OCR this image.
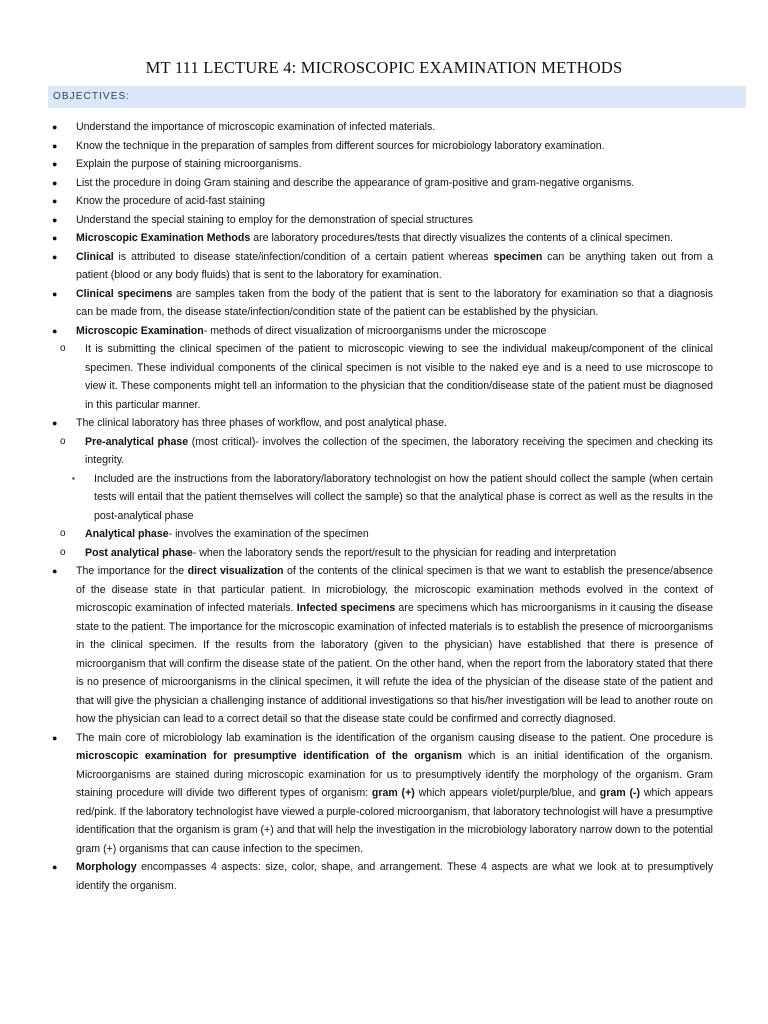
MT 111 LECTURE 4: MICROSCOPIC EXAMINATION METHODS
OBJECTIVES:
● Understand the importance of microscopic examination of infected materials.
● Know the technique in the preparation of samples from different sources for microbiology laboratory examination.
● Explain the purpose of staining microorganisms.
● List the procedure in doing Gram staining and describe the appearance of gram-positive and gram-negative organisms.
● Know the procedure of acid-fast staining
● Understand the special staining to employ for the demonstration of special structures
● Microscopic Examination Methods are laboratory procedures/tests that directly visualizes the contents of a clinical specimen.
● Clinical is attributed to disease state/infection/condition of a certain patient whereas specimen can be anything taken out from a patient (blood or any body fluids) that is sent to the laboratory for examination.
● Clinical specimens are samples taken from the body of the patient that is sent to the laboratory for examination so that a diagnosis can be made from, the disease state/infection/condition state of the patient can be established by the physician.
● Microscopic Examination- methods of direct visualization of microorganisms under the microscope
o It is submitting the clinical specimen of the patient to microscopic viewing to see the individual makeup/component of the clinical specimen. These individual components of the clinical specimen is not visible to the naked eye and is a need to use microscope to view it. These components might tell an information to the physician that the condition/disease state of the patient must be diagnosed in this particular manner.
● The clinical laboratory has three phases of workflow, and post analytical phase.
o Pre-analytical phase (most critical)- involves the collection of the specimen, the laboratory receiving the specimen and checking its integrity.
▪ Included are the instructions from the laboratory/laboratory technologist on how the patient should collect the sample (when certain tests will entail that the patient themselves will collect the sample) so that the analytical phase is correct as well as the results in the post-analytical phase
o Analytical phase- involves the examination of the specimen
o Post analytical phase- when the laboratory sends the report/result to the physician for reading and interpretation
● The importance for the direct visualization of the contents of the clinical specimen is that we want to establish the presence/absence of the disease state in that particular patient. In microbiology, the microscopic examination methods evolved in the context of microscopic examination of infected materials. Infected specimens are specimens which has microorganisms in it causing the disease state to the patient. The importance for the microscopic examination of infected materials is to establish the presence of microorganisms in the clinical specimen. If the results from the laboratory (given to the physician) have established that there is presence of microorganism that will confirm the disease state of the patient. On the other hand, when the report from the laboratory stated that there is no presence of microorganisms in the clinical specimen, it will refute the idea of the physician of the disease state of the patient and that will give the physician a challenging instance of additional investigations so that his/her investigation will be lead to another route on how the physician can lead to a correct detail so that the disease state could be confirmed and correctly diagnosed.
● The main core of microbiology lab examination is the identification of the organism causing disease to the patient. One procedure is microscopic examination for presumptive identification of the organism which is an initial identification of the organism. Microorganisms are stained during microscopic examination for us to presumptively identify the morphology of the organism. Gram staining procedure will divide two different types of organism: gram (+) which appears violet/purple/blue, and gram (-) which appears red/pink. If the laboratory technologist have viewed a purple-colored microorganism, that laboratory technologist will have a presumptive identification that the organism is gram (+) and that will help the investigation in the microbiology laboratory narrow down to the potential gram (+) organisms that can cause infection to the specimen.
● Morphology encompasses 4 aspects: size, color, shape, and arrangement. These 4 aspects are what we look at to presumptively identify the organism.
